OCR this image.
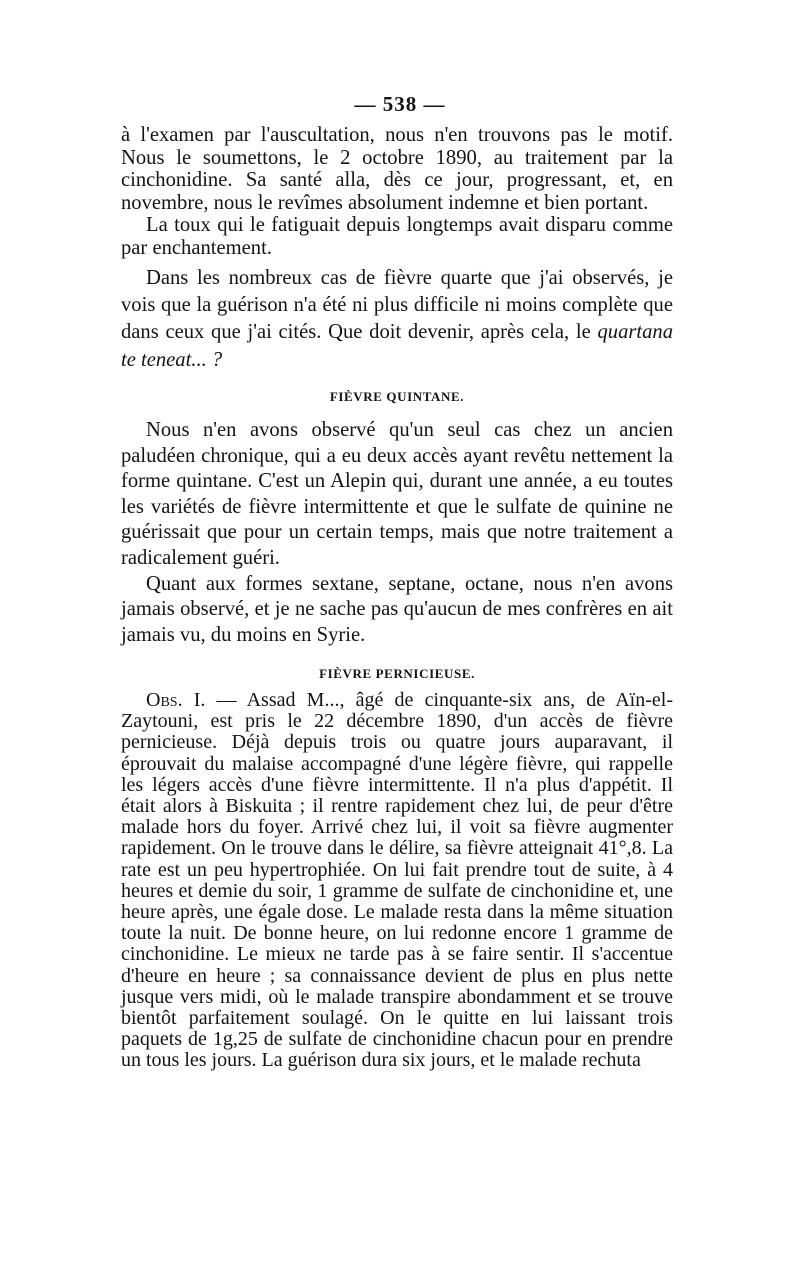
— 538 —

à l'examen par l'auscultation, nous n'en trouvons pas le motif. Nous le soumettons, le 2 octobre 1890, au traitement par la cinchonidine. Sa santé alla, dès ce jour, progressant, et, en novembre, nous le revîmes absolument indemne et bien portant.

La toux qui le fatiguait depuis longtemps avait disparu comme par enchantement.

Dans les nombreux cas de fièvre quarte que j'ai observés, je vois que la guérison n'a été ni plus difficile ni moins complète que dans ceux que j'ai cités. Que doit devenir, après cela, le quartana te teneat... ?

FIÈVRE QUINTANE.

Nous n'en avons observé qu'un seul cas chez un ancien paludéen chronique, qui a eu deux accès ayant revêtu nettement la forme quintane. C'est un Alepin qui, durant une année, a eu toutes les variétés de fièvre intermittente et que le sulfate de quinine ne guérissait que pour un certain temps, mais que notre traitement a radicalement guéri.

Quant aux formes sextane, septane, octane, nous n'en avons jamais observé, et je ne sache pas qu'aucun de mes confrères en ait jamais vu, du moins en Syrie.

FIÈVRE PERNICIEUSE.

Obs. I. — Assad M..., âgé de cinquante-six ans, de Aïn-el-Zaytouni, est pris le 22 décembre 1890, d'un accès de fièvre pernicieuse. Déjà depuis trois ou quatre jours auparavant, il éprouvait du malaise accompagné d'une légère fièvre, qui rappelle les légers accès d'une fièvre intermittente. Il n'a plus d'appétit. Il était alors à Biskuita ; il rentre rapidement chez lui, de peur d'être malade hors du foyer. Arrivé chez lui, il voit sa fièvre augmenter rapidement. On le trouve dans le délire, sa fièvre atteignait 41°,8. La rate est un peu hypertrophiée. On lui fait prendre tout de suite, à 4 heures et demie du soir, 1 gramme de sulfate de cinchonidine et, une heure après, une égale dose. Le malade resta dans la même situation toute la nuit. De bonne heure, on lui redonne encore 1 gramme de cinchonidine. Le mieux ne tarde pas à se faire sentir. Il s'accentue d'heure en heure ; sa connaissance devient de plus en plus nette jusque vers midi, où le malade transpire abondamment et se trouve bientôt parfaitement soulagé. On le quitte en lui laissant trois paquets de 1g,25 de sulfate de cinchonidine chacun pour en prendre un tous les jours. La guérison dura six jours, et le malade rechuta
